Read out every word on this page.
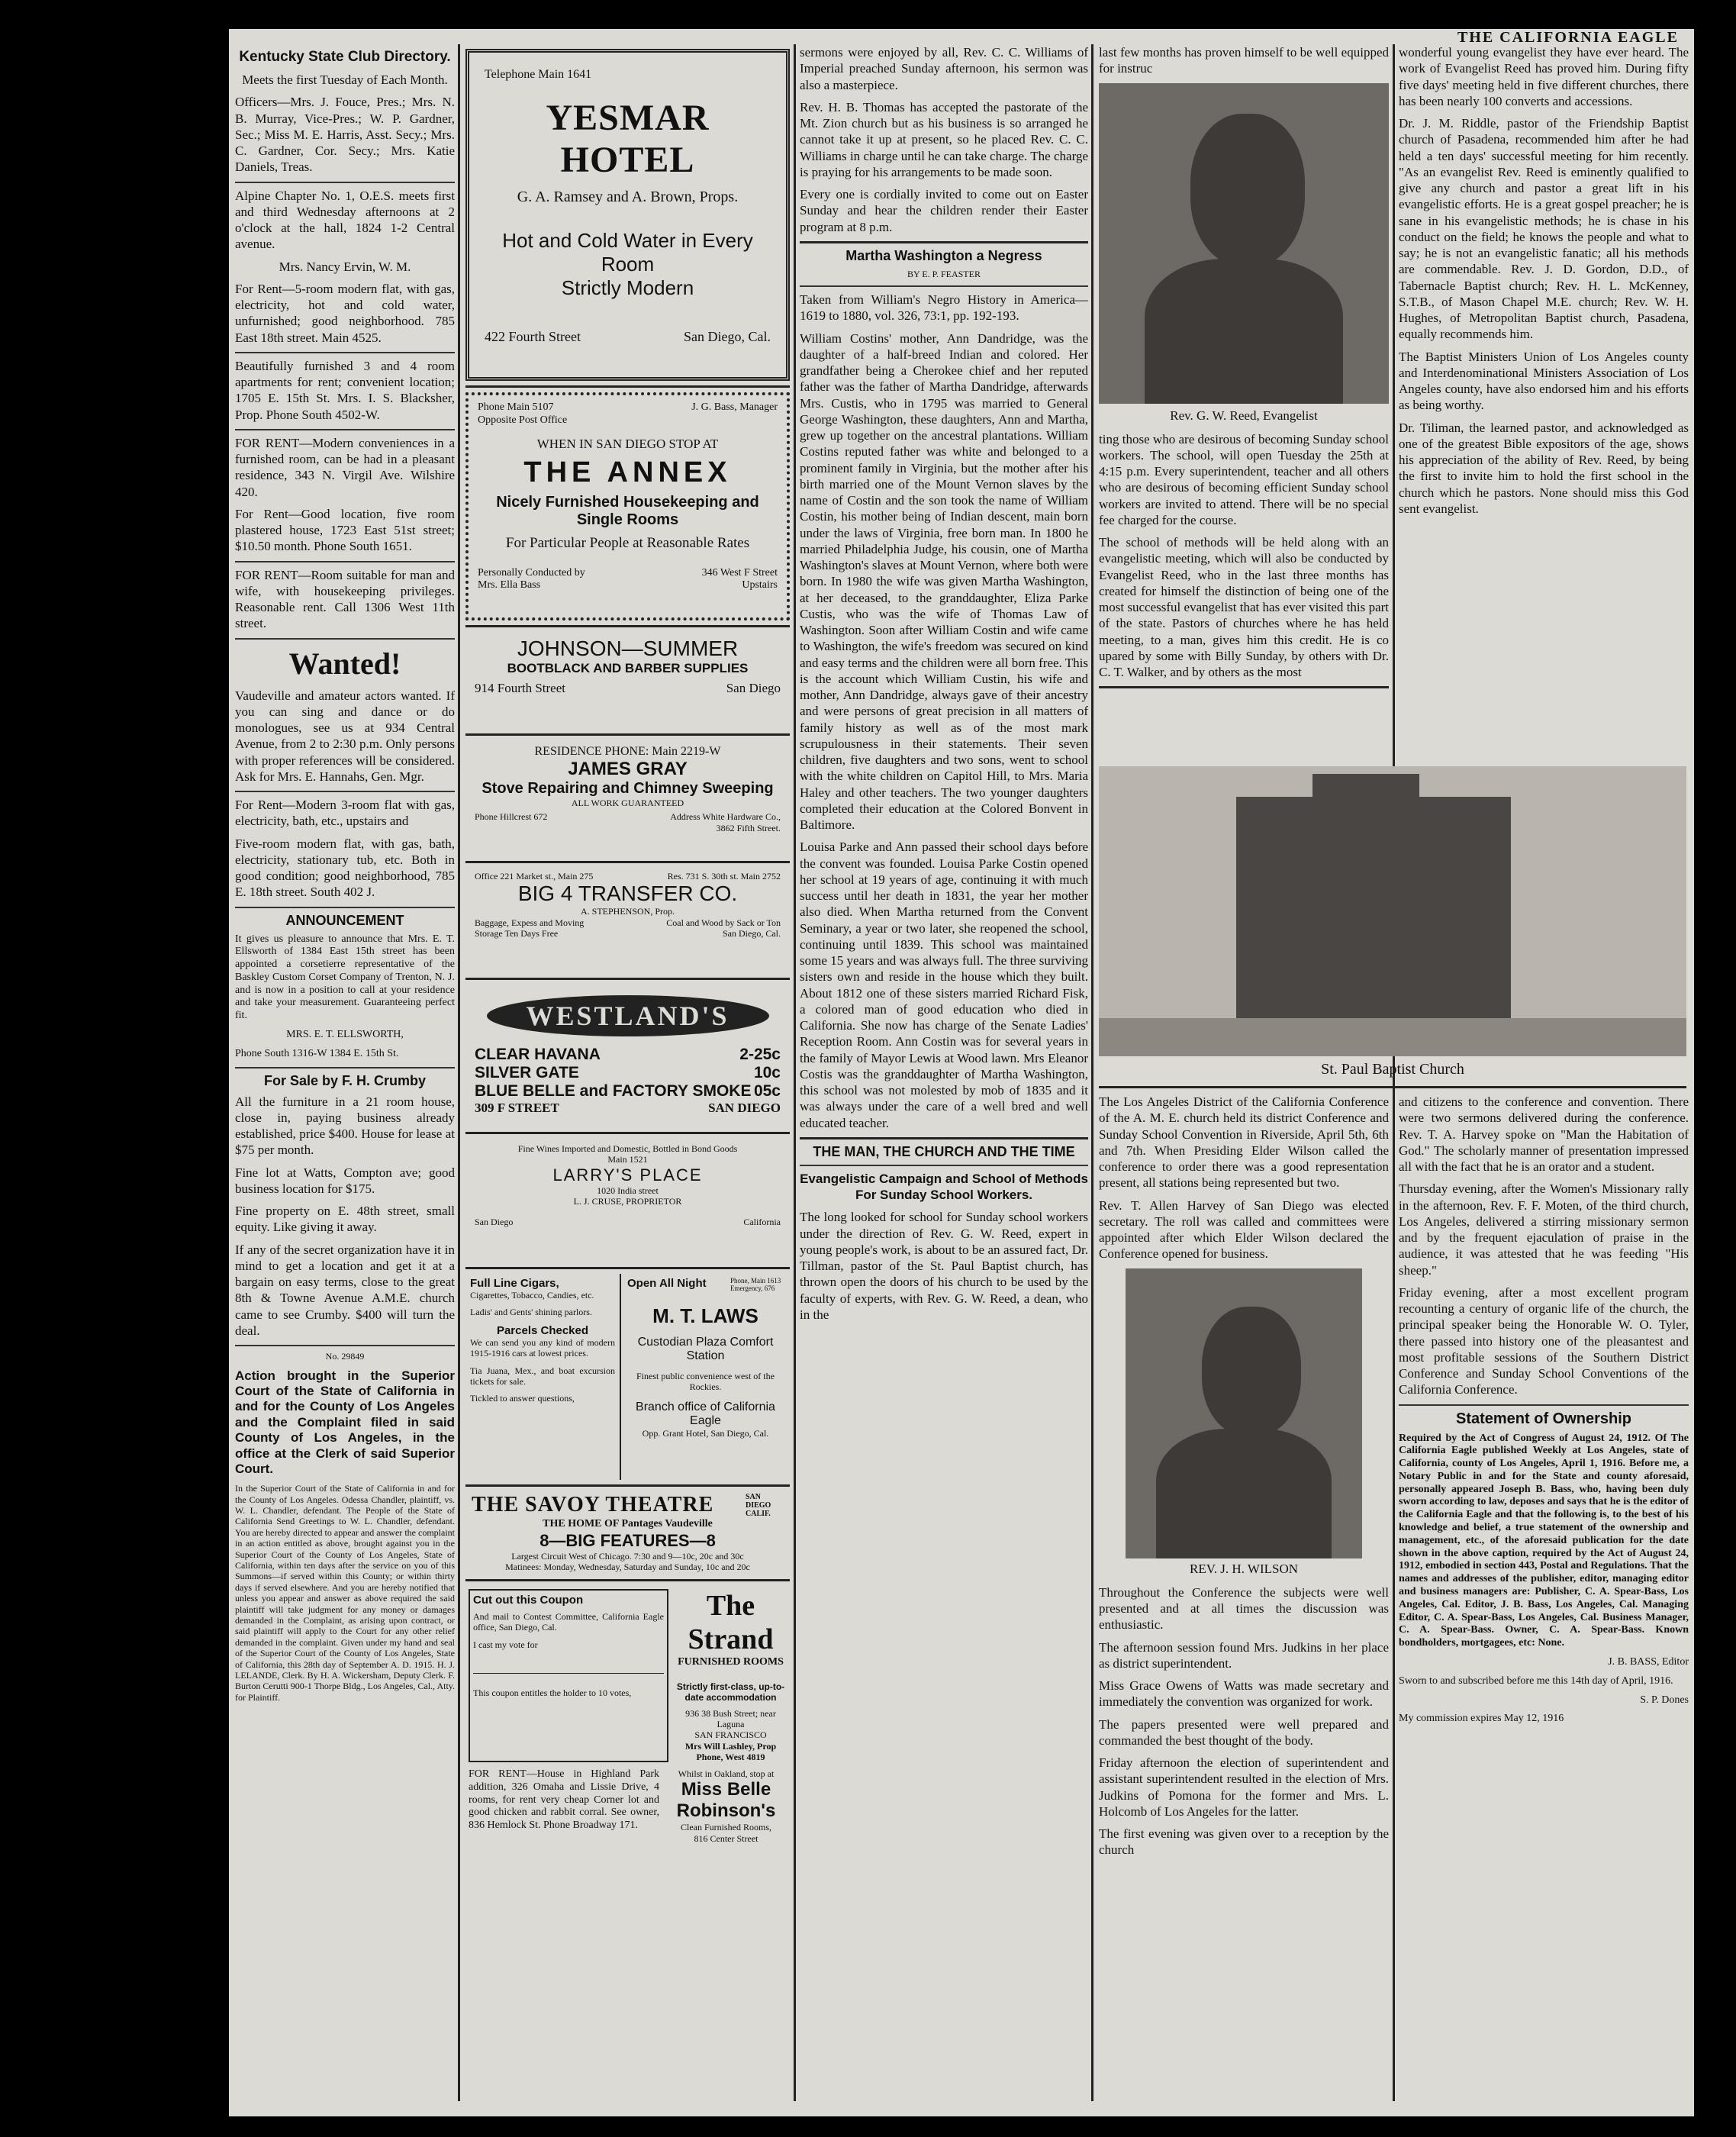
THE CALIFORNIA EAGLE
Kentucky State Club Directory.

Meets the first Tuesday of Each Month.

Officers—Mrs. J. Fouce, Pres.; Mrs. N. B. Murray, Vice-Pres.; W. P. Gardner, Sec.; Miss M. E. Harris, Asst. Secy.; Mrs. C. Gardner, Cor. Secy.; Mrs. Katie Daniels, Treas.

Alpine Chapter No. 1, O.E.S. meets first and third Wednesday afternoons at 2 o'clock at the hall, 1824 1-2 Central avenue.

Mrs. Nancy Ervin, W. M.

For Rent—5-room modern flat, with gas, electricity, hot and cold water, unfurnished; good neighborhood. 785 East 18th street. Main 4525.

Beautifully furnished 3 and 4 room apartments for rent; convenient location; 1705 E. 15th St. Mrs. I. S. Blacksher, Prop. Phone South 4502-W.

FOR RENT—Modern conveniences in a furnished room, can be had in a pleasant residence, 343 N. Virgil Ave. Wilshire 420.

For Rent—Good location, five room plastered house, 1723 East 51st street; $10.50 month. Phone South 1651.

FOR RENT—Room suitable for man and wife, with housekeeping privileges. Reasonable rent. Call 1306 West 11th street.

Wanted!

Vaudeville and amateur actors wanted. If you can sing and dance or do monologues, see us at 934 Central Avenue, from 2 to 2:30 p.m. Only persons with proper references will be considered. Ask for Mrs. E. Hannahs, Gen. Mgr.

For Rent—Modern 3-room flat with gas, electricity, bath, etc., upstairs and

Five-room modern flat, with gas, bath, electricity, stationary tub, etc. Both in good condition; good neighborhood, 785 E. 18th street. South 402 J.

ANNOUNCEMENT

It gives us pleasure to announce that Mrs. E. T. Ellsworth of 1384 East 15th street has been appointed a corsetierre representative of the Baskley Custom Corset Company of Trenton, N. J. and is now in a position to call at your residence and take your measurement. Guaranteeing perfect fit.

MRS. E. T. ELLSWORTH,

Phone South 1316-W 1384 E. 15th St.

For Sale by F. H. Crumby

All the furniture in a 21 room house, close in, paying business already established, price $400. House for lease at $75 per month.

Fine lot at Watts, Compton ave; good business location for $175.

Fine property on E. 48th street, small equity. Like giving it away.

If any of the secret organization have it in mind to get a location and get it at a bargain on easy terms, close to the great 8th & Towne Avenue A.M.E. church came to see Crumby. $400 will turn the deal.

No. 29849

Action brought in the Superior Court of the State of California in and for the County of Los Angeles and the Complaint filed in said County of Los Angeles, in the office at the Clerk of said Superior Court.

In the Superior Court of the State of California in and for the County of Los Angeles. Odessa Chandler, plaintiff, vs. W. L. Chandler, defendant. The People of the State of California Send Greetings to W. L. Chandler, defendant. You are hereby directed to appear and answer the complaint in an action entitled as above, brought against you in the Superior Court of the County of Los Angeles, State of California, within ten days after the service on you of this Summons—if served within this County; or within thirty days if served elsewhere. And you are hereby notified that unless you appear and answer as above required the said plaintiff will take judgment for any money or damages demanded in the Complaint, as arising upon contract, or said plaintiff will apply to the Court for any other relief demanded in the complaint. Given under my hand and seal of the Superior Court of the County of Los Angeles, State of California, this 28th day of September A. D. 1915. H. J. LELANDE, Clerk. By H. A. Wickersham, Deputy Clerk. F. Burton Cerutti 900-1 Thorpe Bldg., Los Angeles, Cal., Atty. for Plaintiff.

Telephone Main 1641
YESMAR HOTEL
G. A. Ramsey and A. Brown, Props.
Hot and Cold Water in Every Room
Strictly Modern
422 Fourth Street	San Diego, Cal.
Phone Main 5107
Opposite Post Office
J. G. Bass, Manager
WHEN IN SAN DIEGO STOP AT
THE ANNEX
Nicely Furnished Housekeeping and Single Rooms
For Particular People at Reasonable Rates
Personally Conducted by
Mrs. Ella Bass
346 West F Street
Upstairs
JOHNSON—SUMMER
BOOTBLACK AND BARBER SUPPLIES
914 Fourth Street	San Diego
RESIDENCE PHONE: Main 2219-W
JAMES GRAY
Stove Repairing and Chimney Sweeping
ALL WORK GUARANTEED
Phone Hillcrest 672	Address White Hardware Co.,
3862 Fifth Street.
Office 221 Market st., Main 275	Res. 731 S. 30th st. Main 2752
BIG 4 TRANSFER CO.
A. STEPHENSON, Prop.
Baggage, Expess and Moving
Storage Ten Days Free
Coal and Wood by Sack or Ton
San Diego, Cal.
WESTLAND'S
CLEAR HAVANA	2-25c
SILVER GATE	10c
BLUE BELLE and FACTORY SMOKE 05c
309 F STREET	SAN DIEGO
Fine Wines Imported and Domestic, Bottled in Bond Goods
Main 1521
LARRY'S PLACE
1020 India street
L. J. CRUSE, PROPRIETOR
San Diego	California
Full Line Cigars,

Cigarettes, Tobacco, Candies, etc.

Ladis' and Gents' shining parlors.

Parcels Checked

We can send you any kind of modern 1915-1916 cars at lowest prices.

Tia Juana, Mex., and boat excursion tickets for sale.

Tickled to answer questions,

Open All Night	Phone, Main 1613 Emergency, 676
M. T. LAWS
Custodian Plaza Comfort Station

Finest public convenience west of the Rockies.

Branch office of California Eagle

Opp. Grant Hotel, San Diego, Cal.

THE SAVOY THEATRE	SAN DIEGO CALIF.
THE HOME OF Pantages Vaudeville
8—BIG FEATURES—8
Largest Circuit West of Chicago. 7:30 and 9—10c, 20c and 30c
Matinees: Monday, Wednesday, Saturday and Sunday, 10c and 20c
Cut out this Coupon

And mail to Contest Committee, California Eagle office, San Diego, Cal.

I cast my vote for

This coupon entitles the holder to 10 votes,

The Strand
FURNISHED ROOMS
Strictly first-class, up-to-date accommodation
936 38 Bush Street; near Laguna
SAN FRANCISCO
Mrs Will Lashley, Prop
Phone, West 4819

FOR RENT—House in Highland Park addition, 326 Omaha and Lissie Drive, 4 rooms, for rent very cheap Corner lot and good chicken and rabbit corral. See owner, 836 Hemlock St. Phone Broadway 171.

Whilst in Oakland, stop at
Miss Belle Robinson's
Clean Furnished Rooms,
816 Center Street

sermons were enjoyed by all, Rev. C. C. Williams of Imperial preached Sunday afternoon, his sermon was also a masterpiece.

Rev. H. B. Thomas has accepted the pastorate of the Mt. Zion church but as his business is so arranged he cannot take it up at present, so he placed Rev. C. C. Williams in charge until he can take charge. The charge is praying for his arrangements to be made soon.

Every one is cordially invited to come out on Easter Sunday and hear the children render their Easter program at 8 p.m.

Martha Washington a Negress

BY E. P. FEASTER

Taken from William's Negro History in America—1619 to 1880, vol. 326, 73:1, pp. 192-193.

William Costins' mother, Ann Dandridge, was the daughter of a half-breed Indian and colored. Her grandfather being a Cherokee chief and her reputed father was the father of Martha Dandridge, afterwards Mrs. Custis, who in 1795 was married to General George Washington, these daughters, Ann and Martha, grew up together on the ancestral plantations. William Costins reputed father was white and belonged to a prominent family in Virginia, but the mother after his birth married one of the Mount Vernon slaves by the name of Costin and the son took the name of William Costin, his mother being of Indian descent, main born under the laws of Virginia, free born man. In 1800 he married Philadelphia Judge, his cousin, one of Martha Washington's slaves at Mount Vernon, where both were born. In 1980 the wife was given Martha Washington, at her deceased, to the granddaughter, Eliza Parke Custis, who was the wife of Thomas Law of Washington. Soon after William Costin and wife came to Washington, the wife's freedom was secured on kind and easy terms and the children were all born free. This is the account which William Custin, his wife and mother, Ann Dandridge, always gave of their ancestry and were persons of great precision in all matters of family history as well as of the most mark scrupulousness in their statements. Their seven children, five daughters and two sons, went to school with the white children on Capitol Hill, to Mrs. Maria Haley and other teachers. The two younger daughters completed their education at the Colored Bonvent in Baltimore.

Louisa Parke and Ann passed their school days before the convent was founded. Louisa Parke Costin opened her school at 19 years of age, continuing it with much success until her death in 1831, the year her mother also died. When Martha returned from the Convent Seminary, a year or two later, she reopened the school, continuing until 1839. This school was maintained some 15 years and was always full. The three surviving sisters own and reside in the house which they built. About 1812 one of these sisters married Richard Fisk, a colored man of good education who died in California. She now has charge of the Senate Ladies' Reception Room. Ann Costin was for several years in the family of Mayor Lewis at Wood lawn. Mrs Eleanor Costis was the granddaughter of Martha Washington, this school was not molested by mob of 1835 and it was always under the care of a well bred and well educated teacher.

THE MAN, THE CHURCH AND THE TIME

Evangelistic Campaign and School of Methods For Sunday School Workers.

The long looked for school for Sunday school workers under the direction of Rev. G. W. Reed, expert in young people's work, is about to be an assured fact, Dr. Tillman, pastor of the St. Paul Baptist church, has thrown open the doors of his church to be used by the faculty of experts, with Rev. G. W. Reed, a dean, who in the

last few months has proven himself to be well equipped for instruc

Rev. G. W. Reed, Evangelist

ting those who are desirous of becoming Sunday school workers. The school, will open Tuesday the 25th at 4:15 p.m. Every superintendent, teacher and all others who are desirous of becoming efficient Sunday school workers are invited to attend. There will be no special fee charged for the course.

The school of methods will be held along with an evangelistic meeting, which will also be conducted by Evangelist Reed, who in the last three months has created for himself the distinction of being one of the most successful evangelist that has ever visited this part of the state. Pastors of churches where he has held meeting, to a man, gives him this credit. He is co upared by some with Billy Sunday, by others with Dr. C. T. Walker, and by others as the most

St. Paul Baptist Church

The Los Angeles District of the California Conference of the A. M. E. church held its district Conference and Sunday School Convention in Riverside, April 5th, 6th and 7th. When Presiding Elder Wilson called the conference to order there was a good representation present, all stations being represented but two.

Rev. T. Allen Harvey of San Diego was elected secretary. The roll was called and committees were appointed after which Elder Wilson declared the Conference opened for business.

REV. J. H. WILSON

Throughout the Conference the subjects were well presented and at all times the discussion was enthusiastic.

The afternoon session found Mrs. Judkins in her place as district superintendent.

Miss Grace Owens of Watts was made secretary and immediately the convention was organized for work.

The papers presented were well prepared and commanded the best thought of the body.

Friday afternoon the election of superintendent and assistant superintendent resulted in the election of Mrs. Judkins of Pomona for the former and Mrs. L. Holcomb of Los Angeles for the latter.

The first evening was given over to a reception by the church

wonderful young evangelist they have ever heard. The work of Evangelist Reed has proved him. During fifty five days' meeting held in five different churches, there has been nearly 100 converts and accessions.

Dr. J. M. Riddle, pastor of the Friendship Baptist church of Pasadena, recommended him after he had held a ten days' successful meeting for him recently. "As an evangelist Rev. Reed is eminently qualified to give any church and pastor a great lift in his evangelistic efforts. He is a great gospel preacher; he is sane in his evangelistic methods; he is chase in his conduct on the field; he knows the people and what to say; he is not an evangelistic fanatic; all his methods are commendable. Rev. J. D. Gordon, D.D., of Tabernacle Baptist church; Rev. H. L. McKenney, S.T.B., of Mason Chapel M.E. church; Rev. W. H. Hughes, of Metropolitan Baptist church, Pasadena, equally recommends him.

The Baptist Ministers Union of Los Angeles county and Interdenominational Ministers Association of Los Angeles county, have also endorsed him and his efforts as being worthy.

Dr. Tiliman, the learned pastor, and acknowledged as one of the greatest Bible expositors of the age, shows his appreciation of the ability of Rev. Reed, by being the first to invite him to hold the first school in the church which he pastors. None should miss this God sent evangelist.

and citizens to the conference and convention. There were two sermons delivered during the conference. Rev. T. A. Harvey spoke on "Man the Habitation of God." The scholarly manner of presentation impressed all with the fact that he is an orator and a student.

Thursday evening, after the Women's Missionary rally in the afternoon, Rev. F. F. Moten, of the third church, Los Angeles, delivered a stirring missionary sermon and by the frequent ejaculation of praise in the audience, it was attested that he was feeding "His sheep."

Friday evening, after a most excellent program recounting a century of organic life of the church, the principal speaker being the Honorable W. O. Tyler, there passed into history one of the pleasantest and most profitable sessions of the Southern District Conference and Sunday School Conventions of the California Conference.

Statement of Ownership

Required by the Act of Congress of August 24, 1912. Of The California Eagle published Weekly at Los Angeles, state of California, county of Los Angeles, April 1, 1916. Before me, a Notary Public in and for the State and county aforesaid, personally appeared Joseph B. Bass, who, having been duly sworn according to law, deposes and says that he is the editor of the California Eagle and that the following is, to the best of his knowledge and belief, a true statement of the ownership and management, etc., of the aforesaid publication for the date shown in the above caption, required by the Act of August 24, 1912, embodied in section 443, Postal and Regulations. That the names and addresses of the publisher, editor, managing editor and business managers are: Publisher, C. A. Spear-Bass, Los Angeles, Cal. Editor, J. B. Bass, Los Angeles, Cal. Managing Editor, C. A. Spear-Bass, Los Angeles, Cal. Business Manager, C. A. Spear-Bass. Owner, C. A. Spear-Bass. Known bondholders, mortgagees, etc: None.

J. B. BASS, Editor

Sworn to and subscribed before me this 14th day of April, 1916.

S. P. Dones

My commission expires May 12, 1916
